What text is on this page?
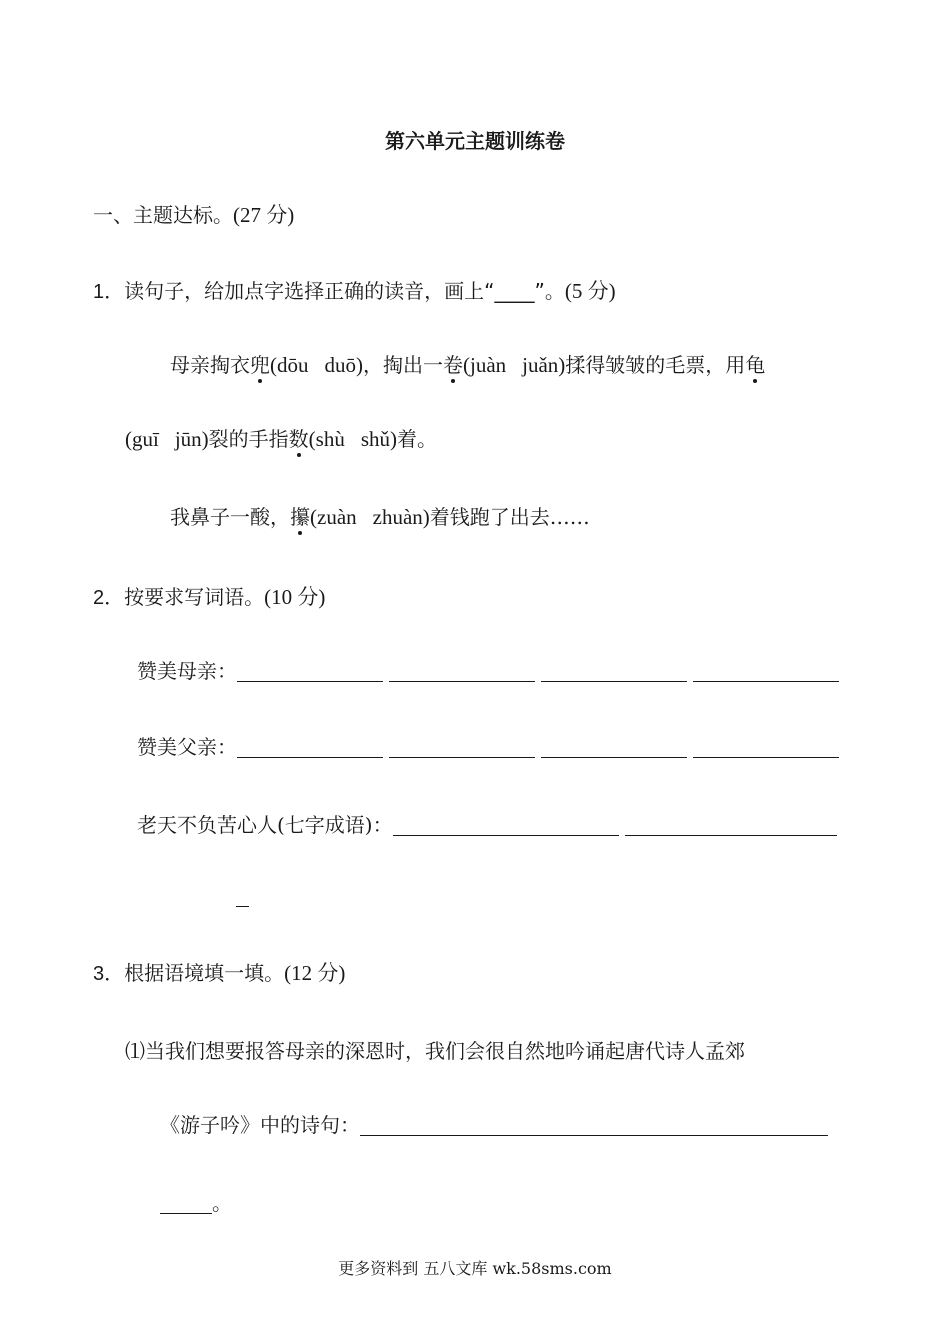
第六单元主题训练卷
一、主题达标。(27 分)
1．读句子，给加点字选择正确的读音，画上“____”。(5 分)
母亲掏衣兜(dōu duō)，掏出一卷(juàn juǎn)揉得皱皱的毛票，用龟
(guī jūn)裂的手指数(shù shǔ)着。
我鼻子一酸，攥(zuàn zhuàn)着钱跑了出去……
2．按要求写词语。(10 分)
赞美母亲：
赞美父亲：
老天不负苦心人(七字成语)：
3．根据语境填一填。(12 分)
⑴当我们想要报答母亲的深恩时，我们会很自然地吟诵起唐代诗人孟郊
《游子吟》中的诗句：
。
更多资料到 五八文库 wk.58sms.com
